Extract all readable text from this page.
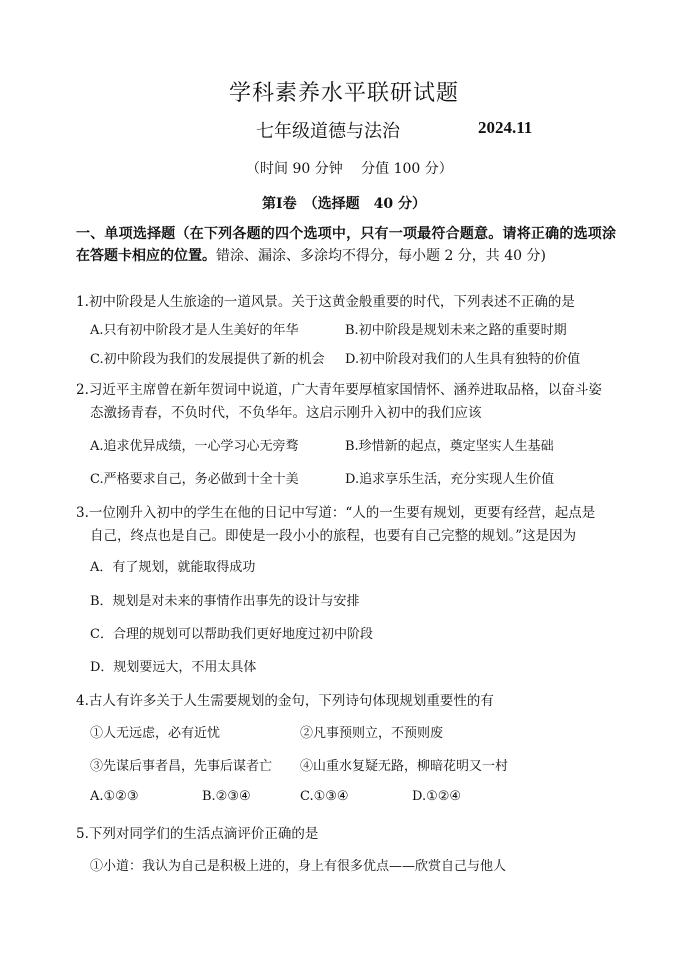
学科素养水平联研试题
七年级道德与法治	2024.11
（时间 90 分钟　 分值 100 分）
第Ⅰ卷　（选择题　40 分）
一、单项选择题（在下列各题的四个选项中，只有一项最符合题意。请将正确的选项涂在答题卡相应的位置。错涂、漏涂、多涂均不得分，每小题 2 分，共 40 分)
1.初中阶段是人生旅途的一道风景。关于这黄金般重要的时代，下列表述不正确的是
A.只有初中阶段才是人生美好的年华	B.初中阶段是规划未来之路的重要时期
C.初中阶段为我们的发展提供了新的机会 D.初中阶段对我们的人生具有独特的价值
2.习近平主席曾在新年贺词中说道，广大青年要厚植家国情怀、涵养进取品格，以奋斗姿
态激扬青春，不负时代，不负华年。这启示刚升入初中的我们应该
A.追求优异成绩，一心学习心无旁骛	B.珍惜新的起点，奠定坚实人生基础
C.严格要求自己，务必做到十全十美	D.追求享乐生活，充分实现人生价值
3.一位刚升入初中的学生在他的日记中写道：“人的一生要有规划，更要有经营，起点是
自己，终点也是自己。即使是一段小小的旅程，也要有自己完整的规划。”这是因为
A．有了规划，就能取得成功
B．规划是对未来的事情作出事先的设计与安排
C．合理的规划可以帮助我们更好地度过初中阶段
D．规划要远大，不用太具体
4.古人有许多关于人生需要规划的金句，下列诗句体现规划重要性的有
①人无远虑，必有近忧	②凡事预则立，不预则废
③先谋后事者昌，先事后谋者亡 ④山重水复疑无路，柳暗花明又一村
A.①②③	B.②③④	C.①③④	D.①②④
5.下列对同学们的生活点滴评价正确的是
①小道：我认为自己是积极上进的，身上有很多优点——欣赏自己与他人
